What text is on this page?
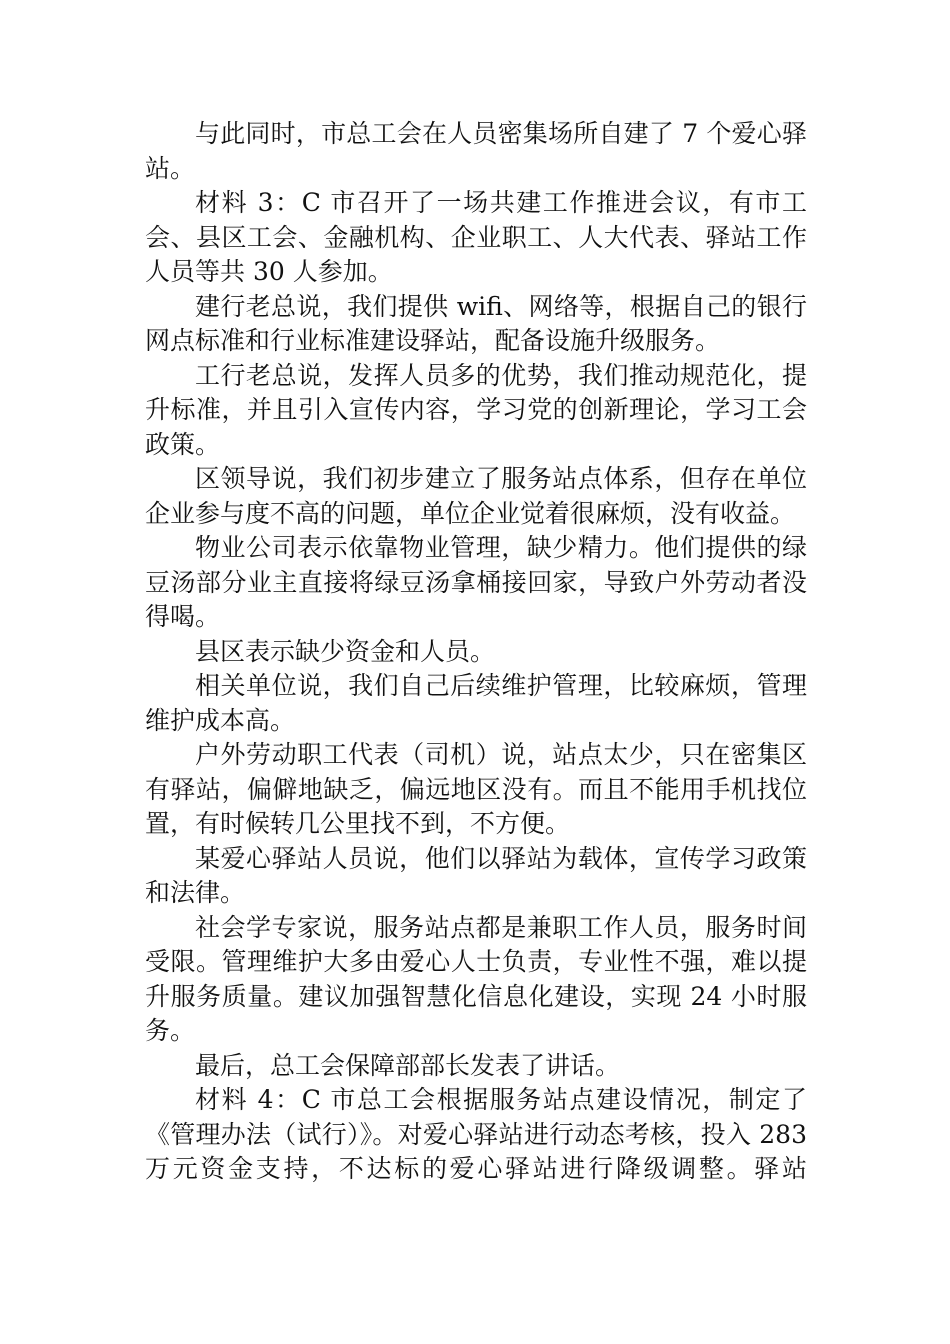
与此同时，市总工会在人员密集场所自建了 7 个爱心驿站。

材料 3：C 市召开了一场共建工作推进会议，有市工会、县区工会、金融机构、企业职工、人大代表、驿站工作人员等共 30 人参加。

建行老总说，我们提供 wifi、网络等，根据自己的银行网点标准和行业标准建设驿站，配备设施升级服务。

工行老总说，发挥人员多的优势，我们推动规范化，提升标准，并且引入宣传内容，学习党的创新理论，学习工会政策。

区领导说，我们初步建立了服务站点体系，但存在单位企业参与度不高的问题，单位企业觉着很麻烦，没有收益。

物业公司表示依靠物业管理，缺少精力。他们提供的绿豆汤部分业主直接将绿豆汤拿桶接回家，导致户外劳动者没得喝。

县区表示缺少资金和人员。

相关单位说，我们自己后续维护管理，比较麻烦，管理维护成本高。

户外劳动职工代表（司机）说，站点太少，只在密集区有驿站，偏僻地缺乏，偏远地区没有。而且不能用手机找位置，有时候转几公里找不到，不方便。

某爱心驿站人员说，他们以驿站为载体，宣传学习政策和法律。

社会学专家说，服务站点都是兼职工作人员，服务时间受限。管理维护大多由爱心人士负责，专业性不强，难以提升服务质量。建议加强智慧化信息化建设，实现 24 小时服务。

最后，总工会保障部部长发表了讲话。

材料 4：C 市总工会根据服务站点建设情况，制定了《管理办法（试行）》。对爱心驿站进行动态考核，投入 283 万元资金支持，不达标的爱心驿站进行降级调整。驿站
